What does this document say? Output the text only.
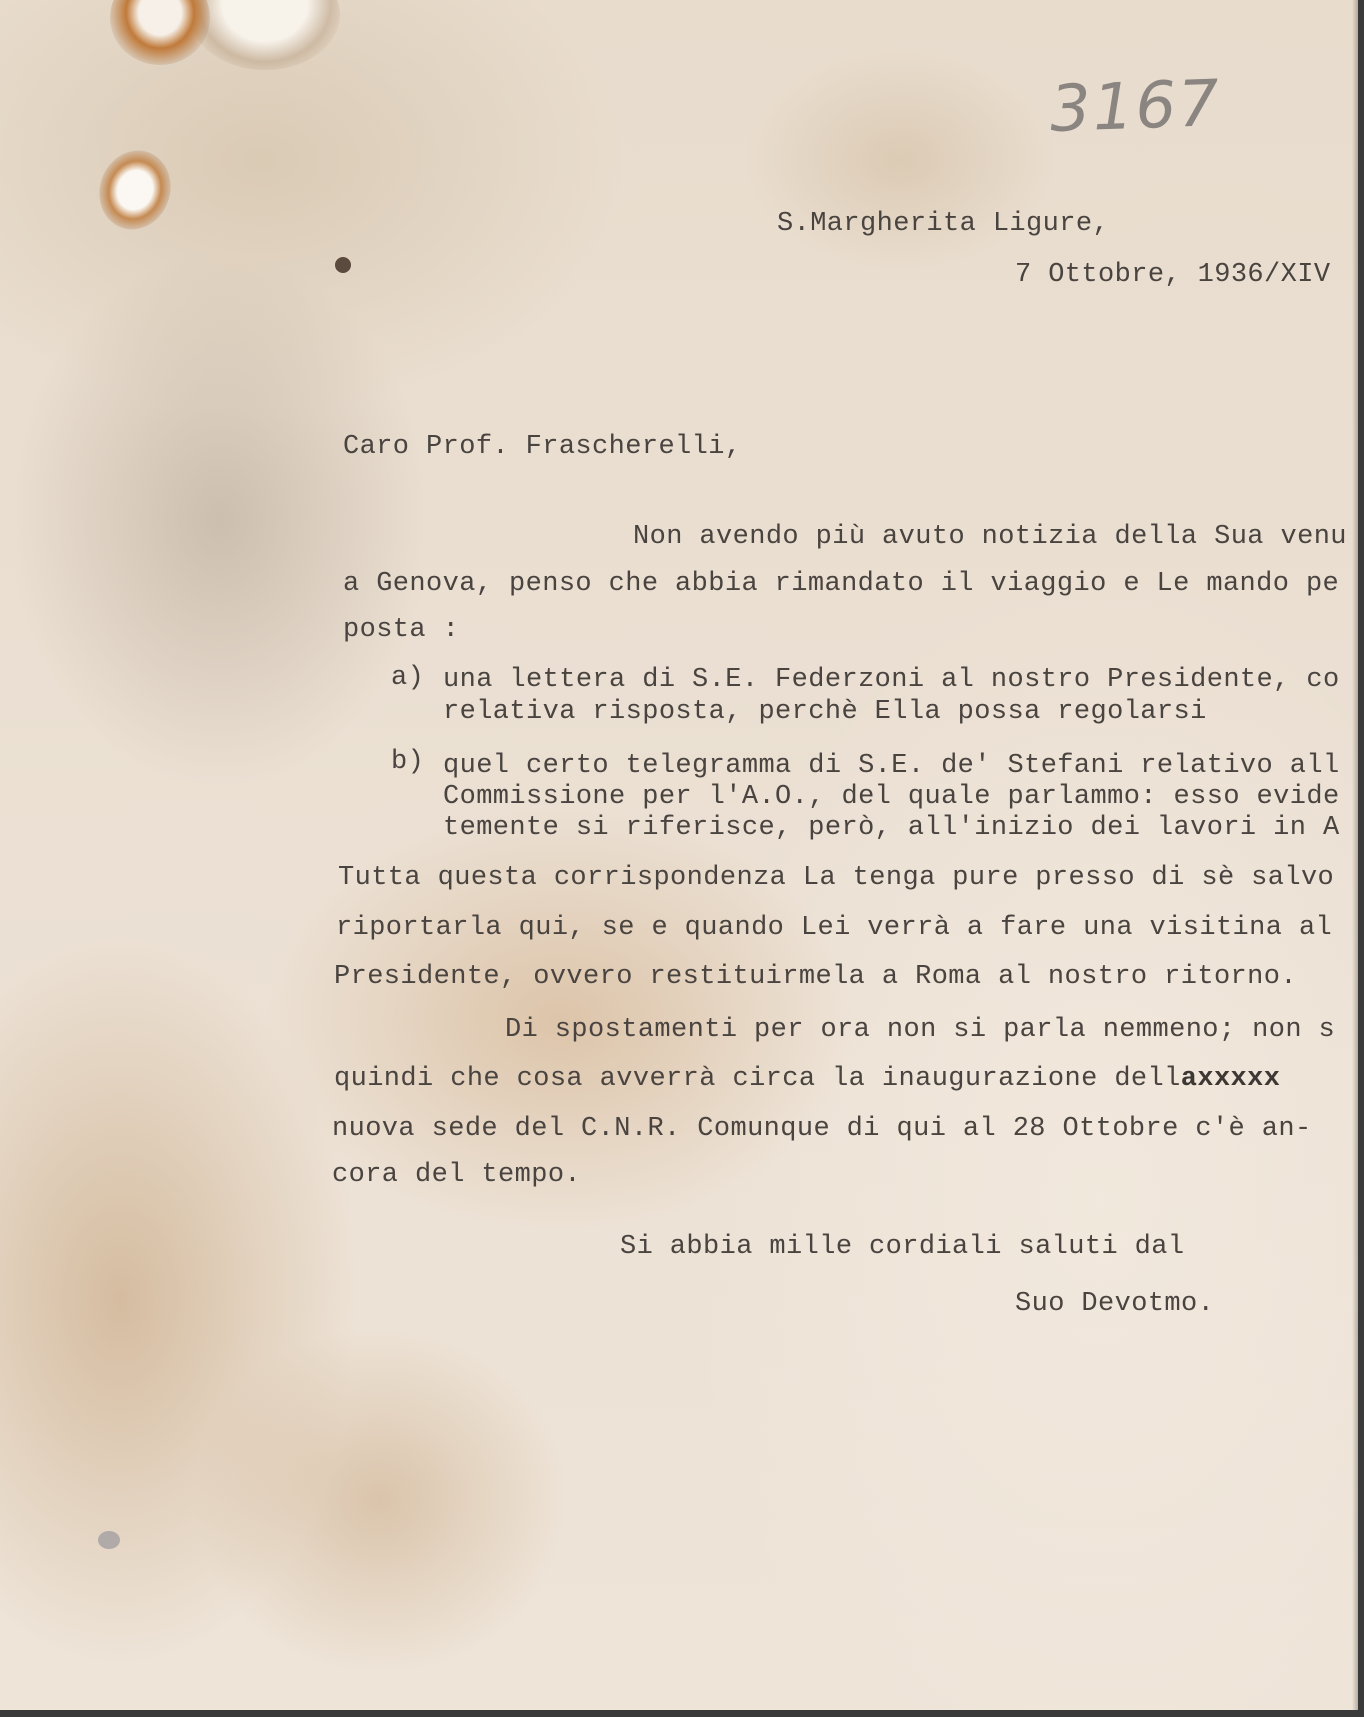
3167

S.Margherita Ligure,

7 Ottobre, 1936/XIV

Caro Prof. Frascherelli,

Non avendo più avuto notizia della Sua venu

a Genova, penso che abbia rimandato il viaggio e Le mando pe

posta :

a) una lettera di S.E. Federzoni al nostro Presidente, co

relativa risposta, perchè Ella possa regolarsi

b) quel certo telegramma di S.E. de' Stefani relativo all

Commissione per l'A.O., del quale parlammo: esso evide

temente si riferisce, però, all'inizio dei lavori in A

Tutta questa corrispondenza La tenga pure presso di sè salvo

riportarla qui, se e quando Lei verrà a fare una visitina al

Presidente, ovvero restituirmela a Roma al nostro ritorno.

Di spostamenti per ora non si parla nemmeno; non s

quindi che cosa avverrà circa la inaugurazione dellaxxxxx

nuova sede del C.N.R. Comunque di qui al 28 Ottobre c'è an-

cora del tempo.

Si abbia mille cordiali saluti dal

Suo Devotmo.
